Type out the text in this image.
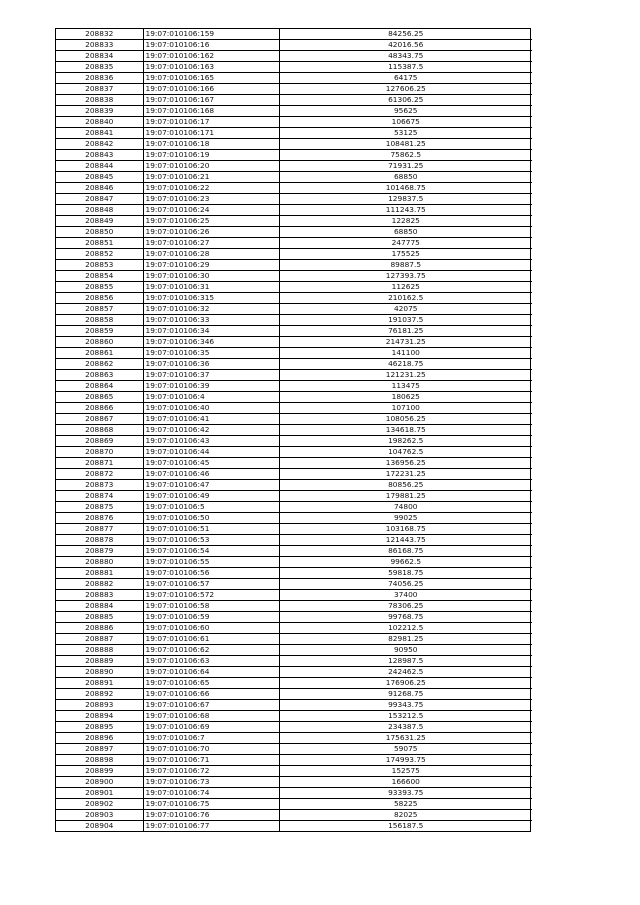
208832	19:07:010106:159	84256.25
208833	19:07:010106:16	42016.56
208834	19:07:010106:162	48343.75
208835	19:07:010106:163	115387.5
208836	19:07:010106:165	64175
208837	19:07:010106:166	127606.25
208838	19:07:010106:167	61306.25
208839	19:07:010106:168	95625
208840	19:07:010106:17	106675
208841	19:07:010106:171	53125
208842	19:07:010106:18	108481.25
208843	19:07:010106:19	75862.5
208844	19:07:010106:20	71931.25
208845	19:07:010106:21	68850
208846	19:07:010106:22	101468.75
208847	19:07:010106:23	129837.5
208848	19:07:010106:24	111243.75
208849	19:07:010106:25	122825
208850	19:07:010106:26	68850
208851	19:07:010106:27	247775
208852	19:07:010106:28	175525
208853	19:07:010106:29	89887.5
208854	19:07:010106:30	127393.75
208855	19:07:010106:31	112625
208856	19:07:010106:315	210162.5
208857	19:07:010106:32	42075
208858	19:07:010106:33	191037.5
208859	19:07:010106:34	76181.25
208860	19:07:010106:346	214731.25
208861	19:07:010106:35	141100
208862	19:07:010106:36	46218.75
208863	19:07:010106:37	121231.25
208864	19:07:010106:39	113475
208865	19:07:010106:4	180625
208866	19:07:010106:40	107100
208867	19:07:010106:41	108056.25
208868	19:07:010106:42	134618.75
208869	19:07:010106:43	198262.5
208870	19:07:010106:44	104762.5
208871	19:07:010106:45	136956.25
208872	19:07:010106:46	172231.25
208873	19:07:010106:47	80856.25
208874	19:07:010106:49	179881.25
208875	19:07:010106:5	74800
208876	19:07:010106:50	99025
208877	19:07:010106:51	103168.75
208878	19:07:010106:53	121443.75
208879	19:07:010106:54	86168.75
208880	19:07:010106:55	99662.5
208881	19:07:010106:56	59818.75
208882	19:07:010106:57	74056.25
208883	19:07:010106:572	37400
208884	19:07:010106:58	78306.25
208885	19:07:010106:59	99768.75
208886	19:07:010106:60	102212.5
208887	19:07:010106:61	82981.25
208888	19:07:010106:62	90950
208889	19:07:010106:63	128987.5
208890	19:07:010106:64	242462.5
208891	19:07:010106:65	176906.25
208892	19:07:010106:66	91268.75
208893	19:07:010106:67	99343.75
208894	19:07:010106:68	153212.5
208895	19:07:010106:69	234387.5
208896	19:07:010106:7	175631.25
208897	19:07:010106:70	59075
208898	19:07:010106:71	174993.75
208899	19:07:010106:72	152575
208900	19:07:010106:73	166600
208901	19:07:010106:74	93393.75
208902	19:07:010106:75	58225
208903	19:07:010106:76	82025
208904	19:07:010106:77	156187.5
